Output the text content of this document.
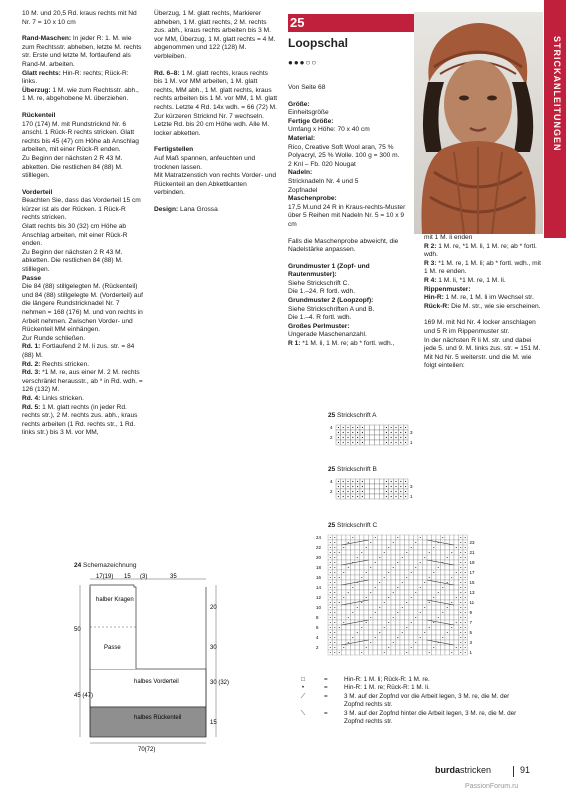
10 M. und 20,5 Rd. kraus rechts mit Nd Nr. 7 = 10 x 10 cm

Rand-Maschen: In jeder R: 1. M. wie zum Rechtsstr. abheben, letzte M. rechts str. Erste und letzte M. fortlaufend als Rand-M. arbeiten.
Glatt rechts: Hin-R: rechts; Rück-R: links.
Überzug: 1 M. wie zum Rechtsstr. abh., 1 M. re, abgehobene M. überziehen.

Rückenteil

170 (174) M. mit Rundstricknd Nr. 6 anschl. 1 Rück-R rechts stricken. Glatt rechts bis 45 (47) cm Höhe ab Anschlag arbeiten, mit einer Rück-R enden.
Zu Beginn der nächsten 2 R 43 M. abketten. Die restlichen 84 (88) M. stilllegen.

Vorderteil
Beachten Sie, dass das Vorderteil 15 cm kürzer ist als der Rücken. 1 Rück-R rechts stricken.
Glatt rechts bis 30 (32) cm Höhe ab Anschlag arbeiten, mit einer Rück-R enden.
Zu Beginn der nächsten 2 R 43 M. abketten. Die restlichen 84 (88) M. stilllegen.
Passe
Die 84 (88) stillgelegten M. (Rückenteil) und 84 (88) stillgelegte M. (Vorderteil) auf die längere Rundstricknadel Nr. 7 nehmen = 168 (176) M. und von rechts in Arbeit nehmen. Zwischen Vorder- und Rückenteil MM einhängen.
Zur Runde schließen.
Rd. 1: Fortlaufend 2 M. li zus. str. = 84 (88) M.
Rd. 2: Rechts stricken.
Rd. 3: *1 M. re, aus einer M. 2 M. rechts verschränkt herausstr., ab * in Rd. wdh. = 126 (132) M.
Rd. 4: Links stricken.
Rd. 5: 1 M. glatt rechts (in jeder Rd. rechts str.), 2 M. rechts zus. abh., kraus rechts arbeiten (1 Rd. rechts str., 1 Rd. links str.) bis 3 M. vor MM,

Überzug, 1 M. glatt rechts, Markierer abheben, 1 M. glatt rechts, 2 M. rechts zus. abh., kraus rechts arbeiten bis 3 M. vor MM, Überzug, 1 M. glatt rechts = 4 M. abgenommen und 122 (128) M. verbleiben.

Rd. 6–8: 1 M. glatt rechts, kraus rechts bis 1 M. vor MM arbeiten, 1 M. glatt rechts, MM abh., 1 M. glatt rechts, kraus rechts arbeiten bis 1 M. vor MM, 1 M. glatt rechts. Letzte 4 Rd. 14x wdh. = 66 (72) M. Zur kürzeren Stricknd Nr. 7 wechseln.
Letzte Rd. bis 20 cm Höhe wdh. Alle M. locker abketten.

Fertigstellen

Auf Maß spannen, anfeuchten und trocknen lassen.
Mit Matratzenstich von rechts Vorder- und Rückenteil an den Abkettkanten verbinden.

Design: Lana Grossa

25
Loopschal
●●●○○

Von Seite 68

Größe:
Einheitsgröße
Fertige Größe:
Umfang x Höhe: 70 x 40 cm
Material:
Rico, Creative Soft Wool aran, 75 % Polyacryl, 25 % Wolle. 100 g = 300 m.
2 Knl – Fb. 020 Nougat
Nadeln:
Stricknadeln Nr. 4 und 5
Zopfnadel
Maschenprobe:

17,5 M.und 24 R in Kraus-rechts-Muster über 5 Reihen mit Nadeln Nr. 5 = 10 x 9 cm

Falls die Maschenprobe abweicht, die Nadelstärke anpassen.

Grundmuster 1 (Zopf- und Rautenmuster):
Siehe Strickschrift C.
Die 1.–24. R fortl. wdh.
Grundmuster 2 (Loopzopf):
Siehe Strickschriften A und B.
Die 1.–4. R fortl. wdh.
Großes Perlmuster:
Ungerade Maschenanzahl.
R 1: *1 M. li, 1 M. re; ab * fortl. wdh.,
mit 1 M. li enden
R 2: 1 M. re, *1 M. li, 1 M. re; ab * fortl. wdh.
R 3: *1 M. re, 1 M. li; ab * fortl. wdh., mit 1 M. re enden.
R 4: 1 M. li, *1 M. re, 1 M. li.
Rippenmuster:
Hin-R: 1 M. re, 1 M. li im Wechsel str.

Rück-R: Die M. str., wie sie erscheinen.

169 M. mit Nd Nr. 4 locker anschlagen und 5 R im Rippenmuster str.
In der nächsten R li M. str. und dabei jede 5. und 9. M. links zus. str. = 151 M.
Mit Nd Nr. 5 weiterstr. und die M. wie folgt einteilen:
STRICKANLEITUNGEN
25 Strickschrift A
4
2
3
1
25 Strickschrift B
4
2
3
1
25 Strickschrift C
24
22
20
18
16
14
12
10
8
6
4
2
23
21
19
17
15
13
11
9
7
5
3
1
24 Schemazeichnung
17(19) 15 (3)	35
20
30
30 (32)
15
50
45 (47)
70(72)
halber Kragen
Passe
halbes Vorderteil
halbes Rückenteil
□	=	Hin-R: 1 M. li; Rück-R: 1 M. re.
•	=	Hin-R: 1 M. re; Rück-R: 1 M. li.
⟋	=	3 M. auf der Zopfnd vor die Arbeit legen, 3 M. re, die M. der Zopfnd rechts str.
⟍	=	3 M. auf der Zopfnd hinter die Arbeit legen, 3 M. re, die M. der Zopfnd rechts str.
burdastricken	91
PassionForum.ru
